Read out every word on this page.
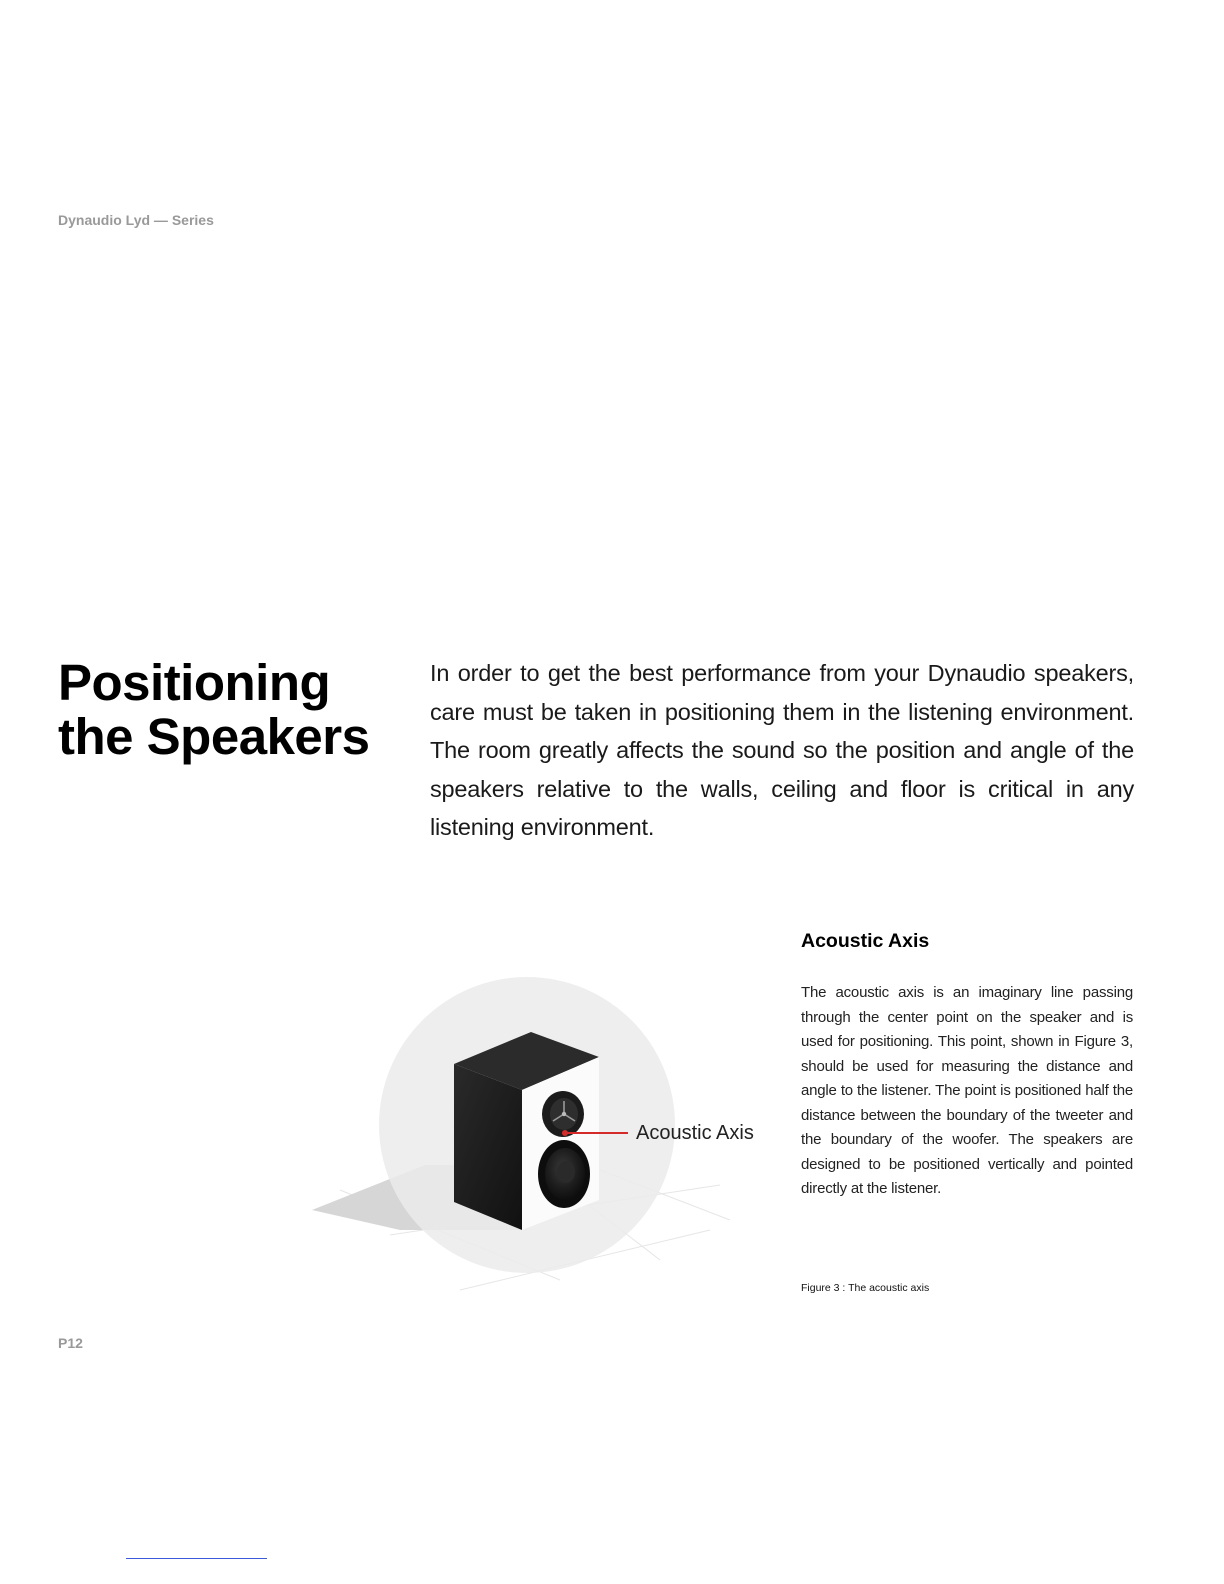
Dynaudio Lyd — Series
Positioning
the Speakers

In order to get the best performance from your Dynaudio speakers, care must be taken in positioning them in the listening environment. The room greatly affects the sound so the position and angle of the speakers relative to the walls, ceiling and floor is critical in any listening environment.

Acoustic Axis
Acoustic Axis

The acoustic axis is an imaginary line passing through the center point on the speaker and is used for positioning. This point, shown in Figure 3, should be used for measuring the distance and angle to the listener. The point is positioned half the distance between the boundary of the tweeter and the boundary of the woofer. The speakers are designed to be positioned vertically and pointed directly at the listener.

Figure 3 : The acoustic axis
P12
